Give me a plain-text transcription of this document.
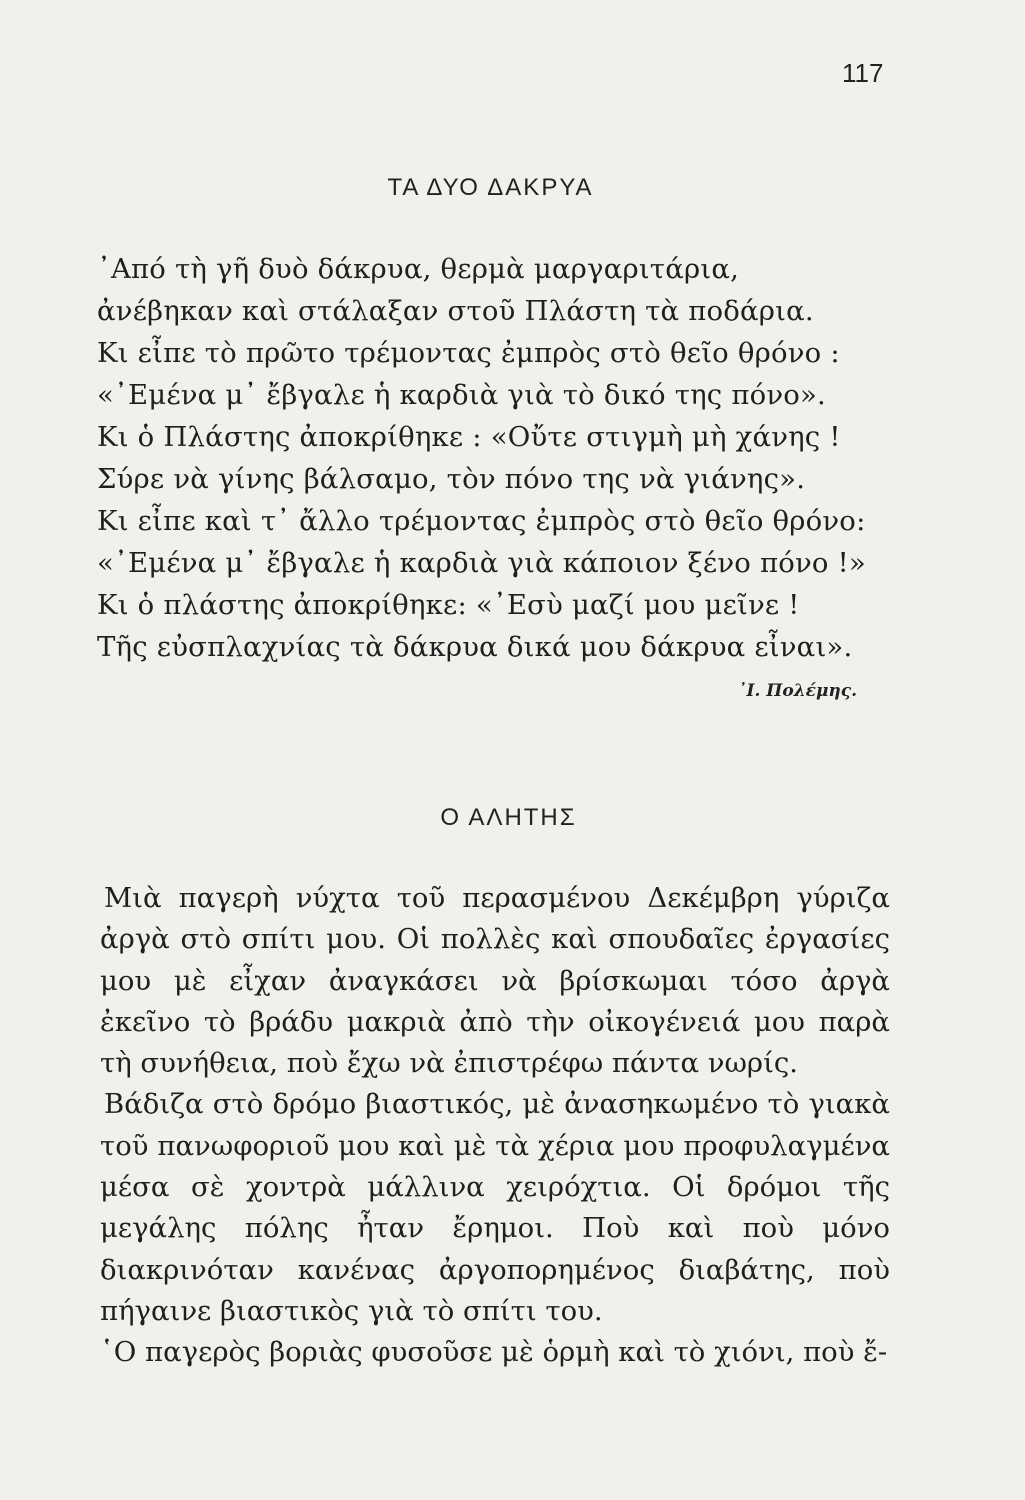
117
ΤΑ ΔΥΟ ΔΑΚΡΥΑ
᾿Από τὴ γῆ δυὸ δάκρυα, θερμὰ μαργαριτάρια,
ἀνέβηκαν καὶ στάλαξαν στοῦ Πλάστη τὰ ποδάρια.
Κι εἶπε τὸ πρῶτο τρέμοντας ἐμπρὸς στὸ θεῖο θρόνο :
«᾿Εμένα μ᾿ ἔβγαλε ἡ καρδιὰ γιὰ τὸ δικό της πόνο».
Κι ὁ Πλάστης ἀποκρίθηκε : «Οὔτε στιγμὴ μὴ χάνης !
Σύρε νὰ γίνης βάλσαμο, τὸν πόνο της νὰ γιάνης».
Κι εἶπε καὶ τ᾿ ἄλλο τρέμοντας ἐμπρὸς στὸ θεῖο θρόνο:
«᾿Εμένα μ᾿ ἔβγαλε ἡ καρδιὰ γιὰ κάποιον ξένο πόνο !»
Κι ὁ πλάστης ἀποκρίθηκε: «᾿Εσὺ μαζί μου μεῖνε !
Τῆς εὐσπλαχνίας τὰ δάκρυα δικά μου δάκρυα εἶναι».
᾿Ι. Πολέμης.
Ο ΑΛΗΤΗΣ

Μιὰ παγερὴ νύχτα τοῦ περασμένου Δεκέμβρη γύριζα ἀργὰ στὸ σπίτι μου. Οἱ πολλὲς καὶ σπουδαῖες ἐργασίες μου μὲ εἶχαν ἀναγκάσει νὰ βρίσκωμαι τόσο ἀργὰ ἐκεῖνο τὸ βράδυ μακριὰ ἀπὸ τὴν οἰκογένειά μου παρὰ τὴ συνήθεια, ποὺ ἔχω νὰ ἐπιστρέφω πάντα νωρίς.

Βάδιζα στὸ δρόμο βιαστικός, μὲ ἀνασηκωμένο τὸ γιακὰ τοῦ πανωφοριοῦ μου καὶ μὲ τὰ χέρια μου προφυλαγμένα μέσα σὲ χοντρὰ μάλλινα χειρόχτια. Οἱ δρόμοι τῆς μεγάλης πόλης ἦταν ἔρημοι. Ποὺ καὶ ποὺ μόνο διακρινόταν κανένας ἀργοπορημένος διαβάτης, ποὺ πήγαινε βιαστικὸς γιὰ τὸ σπίτι του.

῾Ο παγερὸς βοριὰς φυσοῦσε μὲ ὁρμὴ καὶ τὸ χιόνι, ποὺ ἔ-
